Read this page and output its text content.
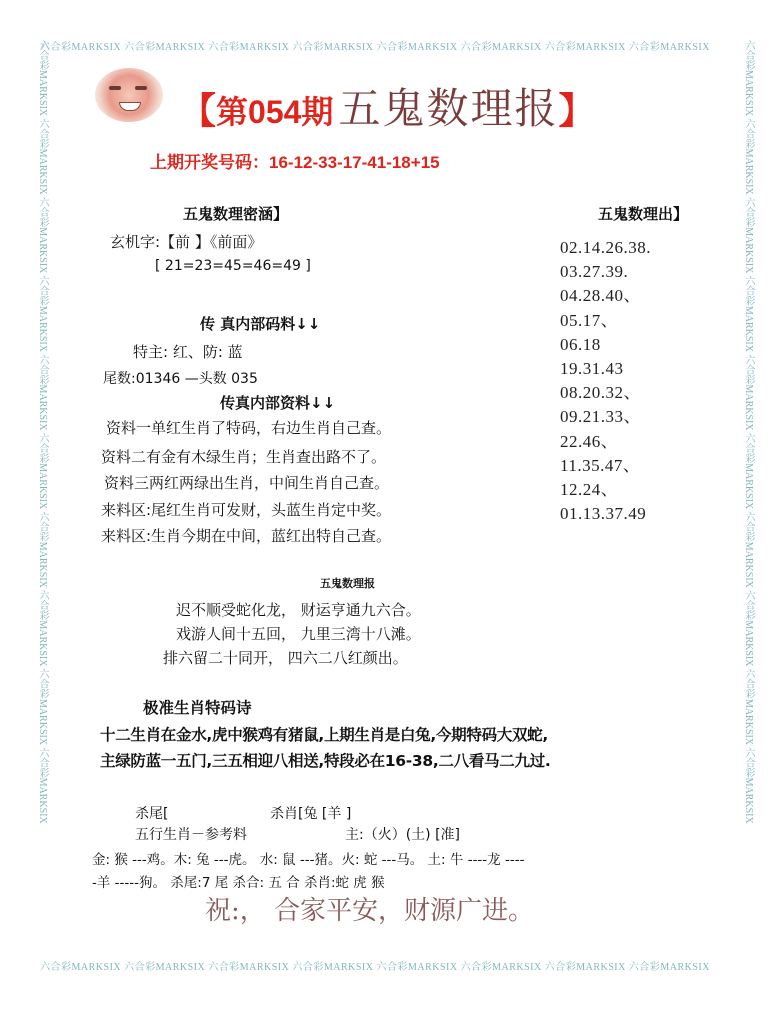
六合彩MARKSIX 六合彩MARKSIX 六合彩MARKSIX 六合彩MARKSIX 六合彩MARKSIX 六合彩MARKSIX 六合彩MARKSIX 六合彩MARKSIX
六合彩MARKSIX 六合彩MARKSIX 六合彩MARKSIX 六合彩MARKSIX 六合彩MARKSIX 六合彩MARKSIX 六合彩MARKSIX 六合彩MARKSIX
六合彩MARKSIX 六合彩MARKSIX 六合彩MARKSIX 六合彩MARKSIX 六合彩MARKSIX 六合彩MARKSIX 六合彩MARKSIX 六合彩MARKSIX 六合彩MARKSIX 六合彩MARKSIX	六合彩MARKSIX 六合彩MARKSIX 六合彩MARKSIX 六合彩MARKSIX 六合彩MARKSIX 六合彩MARKSIX 六合彩MARKSIX 六合彩MARKSIX 六合彩MARKSIX 六合彩MARKSIX
【第054期 五鬼数理报】
上期开奖号码：16-12-33-17-41-18+15
五鬼数理密涵】
玄机字:【前 】《前面》
[ 21=23=45=46=49 ]
传 真内部码料↓↓
特主: 红、防: 蓝
尾数:01346 —头数 035
传真内部资料↓↓
资料一单红生肖了特码，右边生肖自己查。
资料二有金有木绿生肖；生肖查出路不了。
资料三两红两绿出生肖，中间生肖自己查。
来料区:尾红生肖可发财，头蓝生肖定中奖。
来料区:生肖今期在中间，蓝红出特自己查。
五鬼数理出】
02.14.26.38.
03.27.39.
04.28.40、
05.17、
06.18
19.31.43
08.20.32、
09.21.33、
22.46、
11.35.47、
12.24、
01.13.37.49
五鬼数理报
迟不顺受蛇化龙， 财运亨通九六合。
戏游人间十五回， 九里三湾十八滩。
排六留二十同开， 四六二八红颜出。
极准生肖特码诗
十二生肖在金水,虎中猴鸡有猪鼠,上期生肖是白兔,今期特码大双蛇,
主绿防蓝一五门,三五相迎八相送,特段必在16-38,二八看马二九过.
杀尾[	杀肖[兔 [羊 ]
五行生肖－参考料	主:（火）(土) [准]
金: 猴 ---鸡。木: 兔 ---虎。 水: 鼠 ---猪。火: 蛇 ---马。 土: 牛 ----龙 ----
-羊 -----狗。 杀尾:7 尾 杀合: 五 合 杀肖:蛇 虎 猴
祝:， 合家平安，财源广进。
